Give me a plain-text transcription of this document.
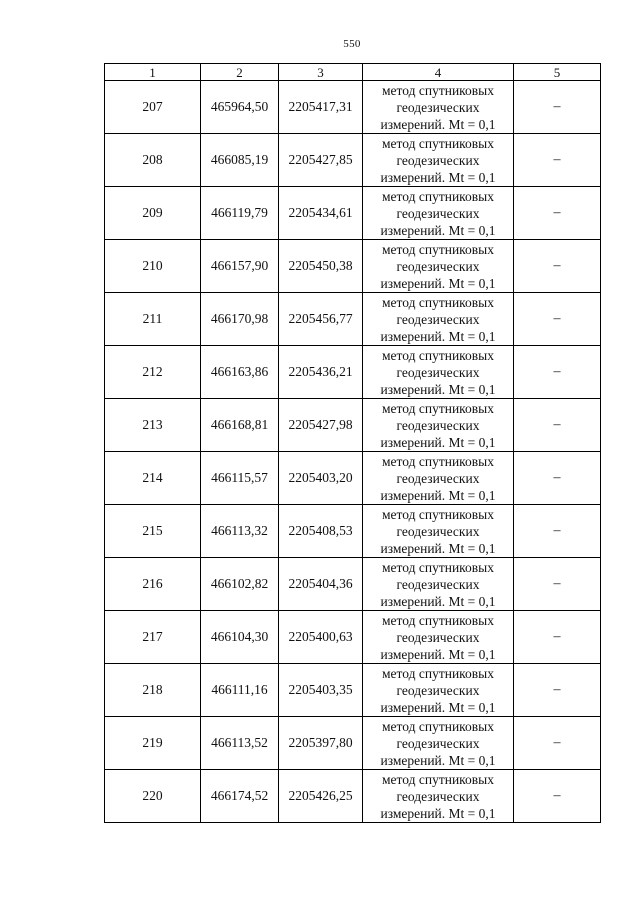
550
1	2	3	4	5
207	465964,50	2205417,31	метод спутниковых
геодезических
измерений. Mt = 0,1	–
208	466085,19	2205427,85	метод спутниковых
геодезических
измерений. Mt = 0,1	–
209	466119,79	2205434,61	метод спутниковых
геодезических
измерений. Mt = 0,1	–
210	466157,90	2205450,38	метод спутниковых
геодезических
измерений. Mt = 0,1	–
211	466170,98	2205456,77	метод спутниковых
геодезических
измерений. Mt = 0,1	–
212	466163,86	2205436,21	метод спутниковых
геодезических
измерений. Mt = 0,1	–
213	466168,81	2205427,98	метод спутниковых
геодезических
измерений. Mt = 0,1	–
214	466115,57	2205403,20	метод спутниковых
геодезических
измерений. Mt = 0,1	–
215	466113,32	2205408,53	метод спутниковых
геодезических
измерений. Mt = 0,1	–
216	466102,82	2205404,36	метод спутниковых
геодезических
измерений. Mt = 0,1	–
217	466104,30	2205400,63	метод спутниковых
геодезических
измерений. Mt = 0,1	–
218	466111,16	2205403,35	метод спутниковых
геодезических
измерений. Mt = 0,1	–
219	466113,52	2205397,80	метод спутниковых
геодезических
измерений. Mt = 0,1	–
220	466174,52	2205426,25	метод спутниковых
геодезических
измерений. Mt = 0,1	–
